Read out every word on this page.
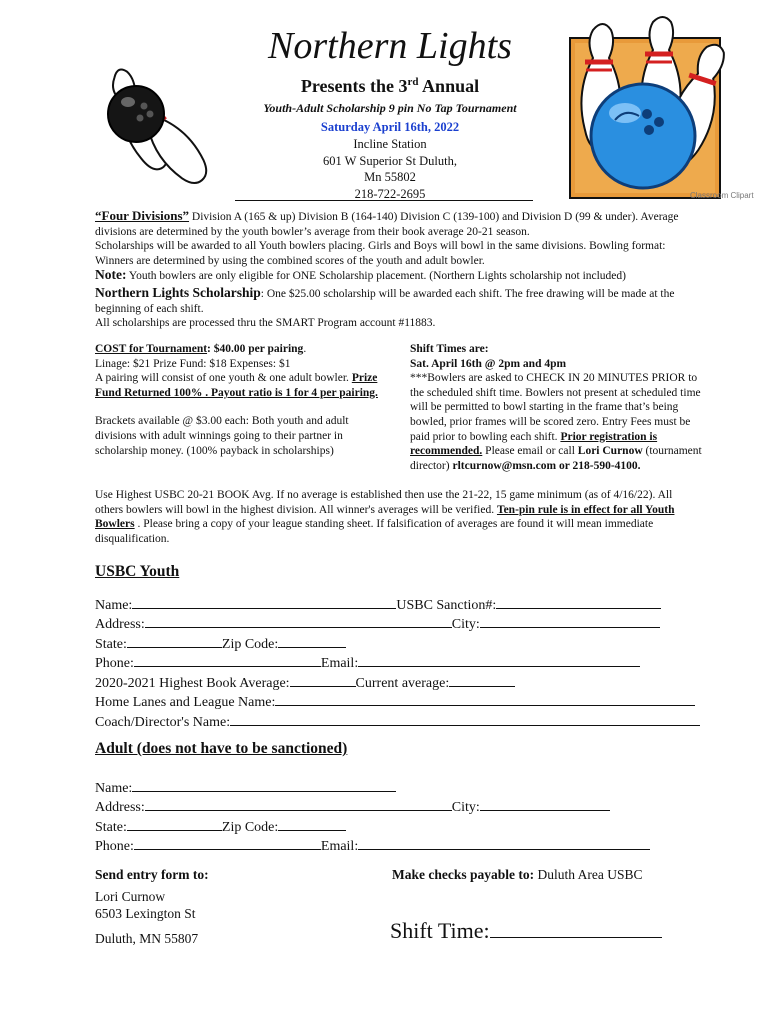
Classroom Clipart
Northern Lights
Presents the 3rd Annual
Youth-Adult Scholarship 9 pin No Tap Tournament
Saturday April 16th, 2022
Incline Station
601 W Superior St Duluth,
Mn 55802
218-722-2695

“Four Divisions” Division A (165 & up) Division B (164-140) Division C (139-100) and Division D (99 & under). Average divisions are determined by the youth bowler’s average from their book average 20-21 season.

Scholarships will be awarded to all Youth bowlers placing. Girls and Boys will bowl in the same divisions. Bowling format: Winners are determined by using the combined scores of the youth and adult bowler.

Note: Youth bowlers are only eligible for ONE Scholarship placement. (Northern Lights scholarship not included)

Northern Lights Scholarship: One $25.00 scholarship will be awarded each shift. The free drawing will be made at the beginning of each shift.

All scholarships are processed thru the SMART Program account #11883.

COST for Tournament: $40.00 per pairing.

Linage: $21 Prize Fund: $18 Expenses: $1

A pairing will consist of one youth & one adult bowler. Prize Fund Returned 100% . Payout ratio is 1 for 4 per pairing.

Brackets available @ $3.00 each: Both youth and adult divisions with adult winnings going to their partner in scholarship money. (100% payback in scholarships)

Shift Times are:

Sat. April 16th @ 2pm and 4pm

***Bowlers are asked to CHECK IN 20 MINUTES PRIOR to the scheduled shift time. Bowlers not present at scheduled time will be permitted to bowl starting in the frame that’s being bowled, prior frames will be scored zero. Entry Fees must be paid prior to bowling each shift. Prior registration is recommended. Please email or call Lori Curnow (tournament director) rltcurnow@msn.com or 218-590-4100.

Use Highest USBC 20-21 BOOK Avg. If no average is established then use the 21-22, 15 game minimum (as of 4/16/22). All others bowlers will bowl in the highest division. All winner's averages will be verified. Ten-pin rule is in effect for all Youth Bowlers . Please bring a copy of your league standing sheet. If falsification of averages are found it will mean immediate disqualification.

USBC Youth
Name:	USBC Sanction#:
Address:	City:
State:	Zip Code:
Phone:	Email:
2020-2021 Highest Book Average:	Current average:
Home Lanes and League Name:
Coach/Director's Name:
Adult (does not have to be sanctioned)
Name:
Address:	City:
State:	Zip Code:
Phone:	Email:
Send entry form to:
Lori Curnow
6503 Lexington St
Duluth, MN 55807
Make checks payable to: Duluth Area USBC
Shift Time:
